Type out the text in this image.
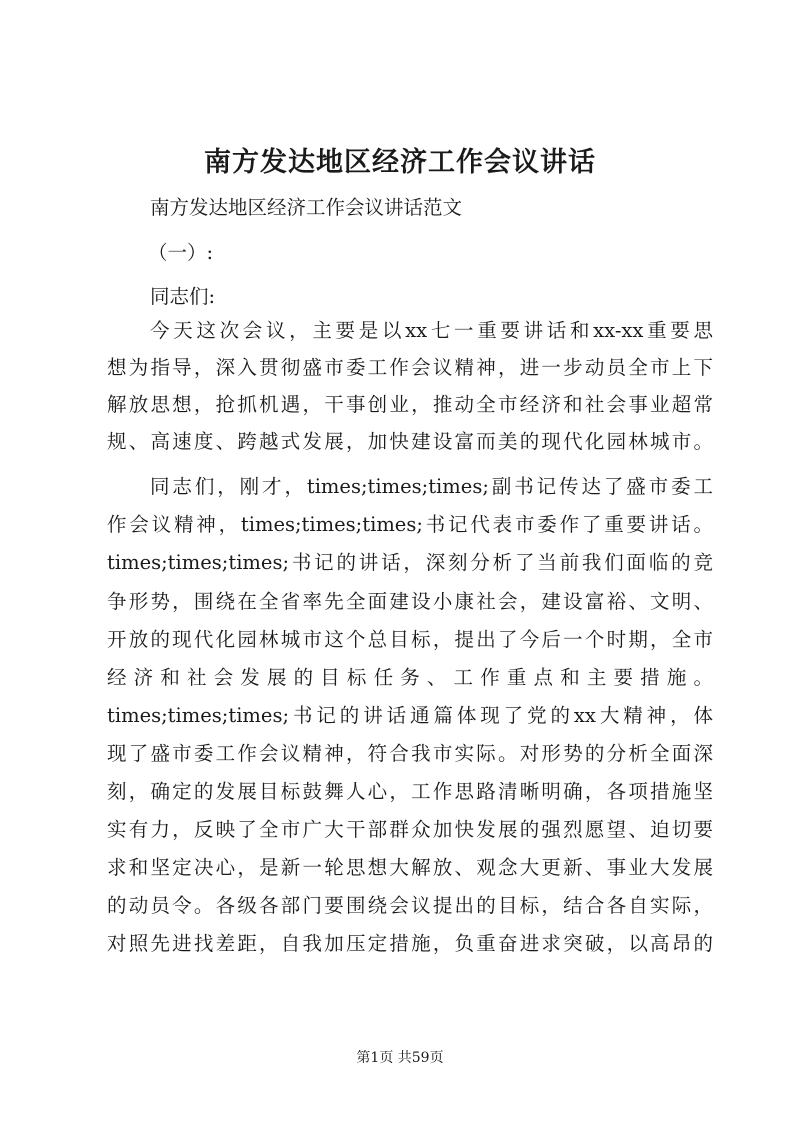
南方发达地区经济工作会议讲话
南方发达地区经济工作会议讲话范文
（一）:
同志们:
今天这次会议，主要是以xx七一重要讲话和xx-xx重要思
想为指导，深入贯彻盛市委工作会议精神，进一步动员全市上下
解放思想，抢抓机遇，干事创业，推动全市经济和社会事业超常
规、高速度、跨越式发展，加快建设富而美的现代化园林城市。
同志们，刚才，times;times;times;副书记传达了盛市委工
作会议精神，times;times;times;书记代表市委作了重要讲话。
times;times;times;书记的讲话，深刻分析了当前我们面临的竞
争形势，围绕在全省率先全面建设小康社会，建设富裕、文明、
开放的现代化园林城市这个总目标，提出了今后一个时期，全市
经济和社会发展的目标任务、工作重点和主要措施。
times;times;times;书记的讲话通篇体现了党的xx大精神，体
现了盛市委工作会议精神，符合我市实际。对形势的分析全面深
刻，确定的发展目标鼓舞人心，工作思路清晰明确，各项措施坚
实有力，反映了全市广大干部群众加快发展的强烈愿望、迫切要
求和坚定决心，是新一轮思想大解放、观念大更新、事业大发展
的动员令。各级各部门要围绕会议提出的目标，结合各自实际，
对照先进找差距，自我加压定措施，负重奋进求突破，以高昂的
第1页 共59页
